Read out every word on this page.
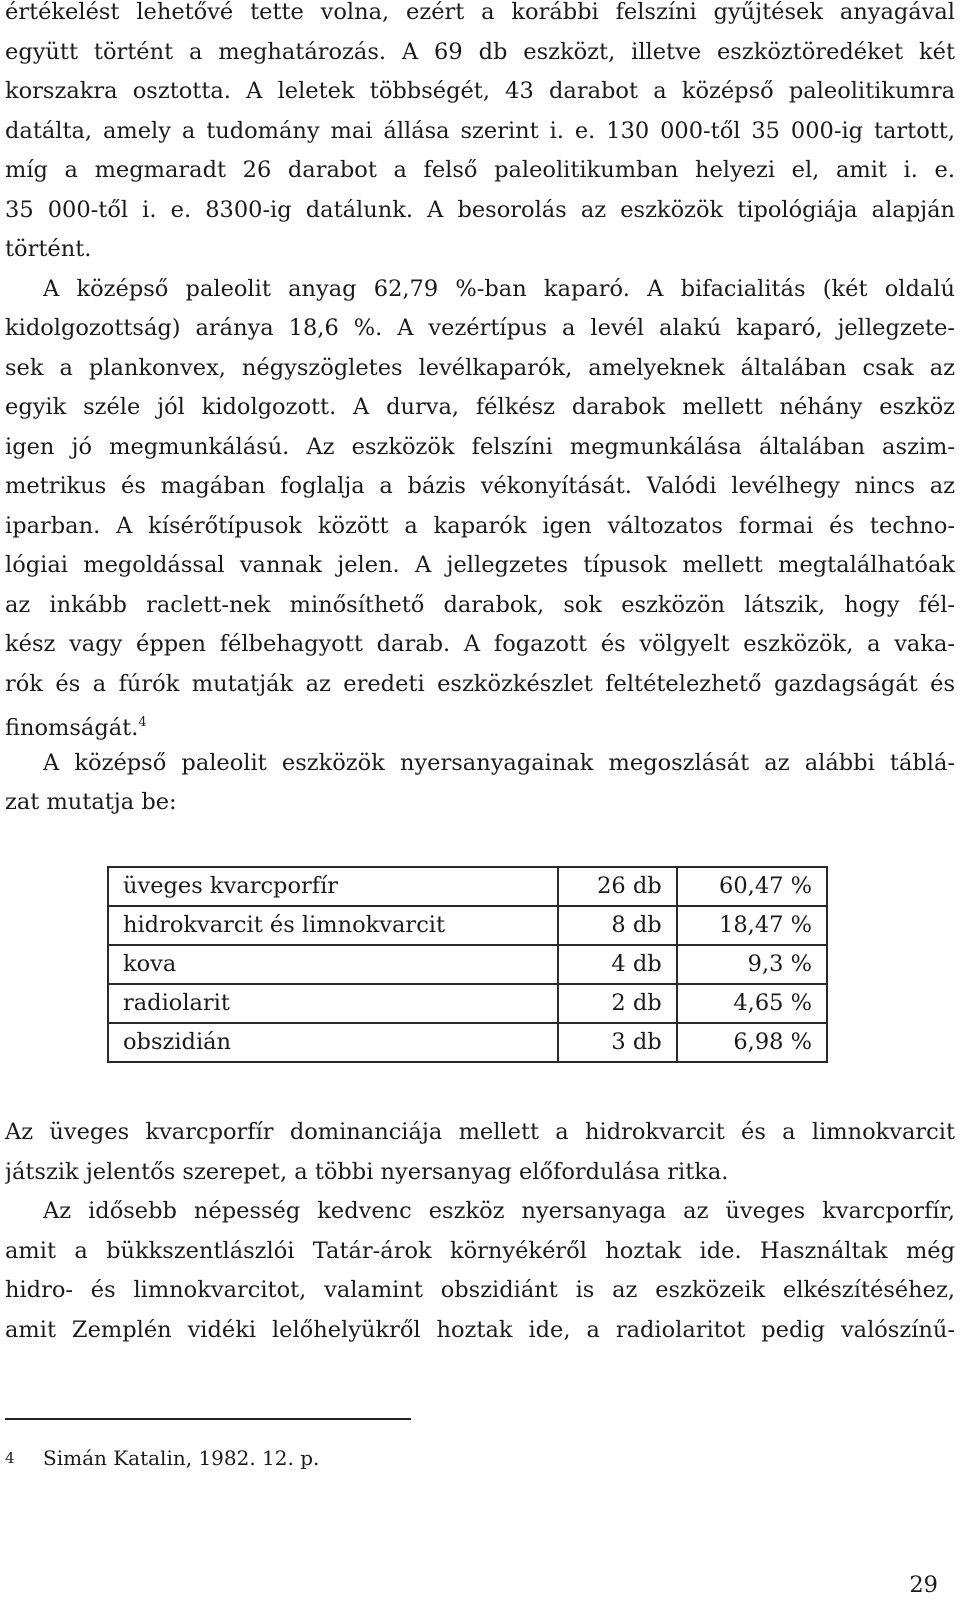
értékelést lehetővé tette volna, ezért a korábbi felszíni gyűjtések anyagával

együtt történt a meghatározás. A 69 db eszközt, illetve eszköztöredéket két

korszakra osztotta. A leletek többségét, 43 darabot a középső paleolitikumra

datálta, amely a tudomány mai állása szerint i. e. 130 000-től 35 000-ig tartott,

míg a megmaradt 26 darabot a felső paleolitikumban helyezi el, amit i. e.

35 000-től i. e. 8300-ig datálunk. A besorolás az eszközök tipológiája alapján

történt.

A középső paleolit anyag 62,79 %-ban kaparó. A bifacialitás (két oldalú

kidolgozottság) aránya 18,6 %. A vezértípus a levél alakú kaparó, jellegzete-

sek a plankonvex, négyszögletes levélkaparók, amelyeknek általában csak az

egyik széle jól kidolgozott. A durva, félkész darabok mellett néhány eszköz

igen jó megmunkálású. Az eszközök felszíni megmunkálása általában aszim-

metrikus és magában foglalja a bázis vékonyítását. Valódi levélhegy nincs az

iparban. A kísérőtípusok között a kaparók igen változatos formai és techno-

lógiai megoldással vannak jelen. A jellegzetes típusok mellett megtalálhatóak

az inkább raclett-nek minősíthető darabok, sok eszközön látszik, hogy fél-

kész vagy éppen félbehagyott darab. A fogazott és völgyelt eszközök, a vaka-

rók és a fúrók mutatják az eredeti eszközkészlet feltételezhető gazdagságát és

finomságát.$^4$

A középső paleolit eszközök nyersanyagainak megoszlását az alábbi táblá-

zat mutatja be:

üveges kvarcporfír	26 db	60,47 %
hidrokvarcit és limnokvarcit	8 db	18,47 %
kova	4 db	9,3 %
radiolarit	2 db	4,65 %
obszidián	3 db	6,98 %

Az üveges kvarcporfír dominanciája mellett a hidrokvarcit és a limnokvarcit

játszik jelentős szerepet, a többi nyersanyag előfordulása ritka.

Az idősebb népesség kedvenc eszköz nyersanyaga az üveges kvarcporfír,

amit a bükkszentlászlói Tatár-árok környékéről hoztak ide. Használtak még

hidro- és limnokvarcitot, valamint obszidiánt is az eszközeik elkészítéséhez,

amit Zemplén vidéki lelőhelyükről hoztak ide, a radiolaritot pedig valószínű-

4 Simán Katalin, 1982. 12. p.
29
